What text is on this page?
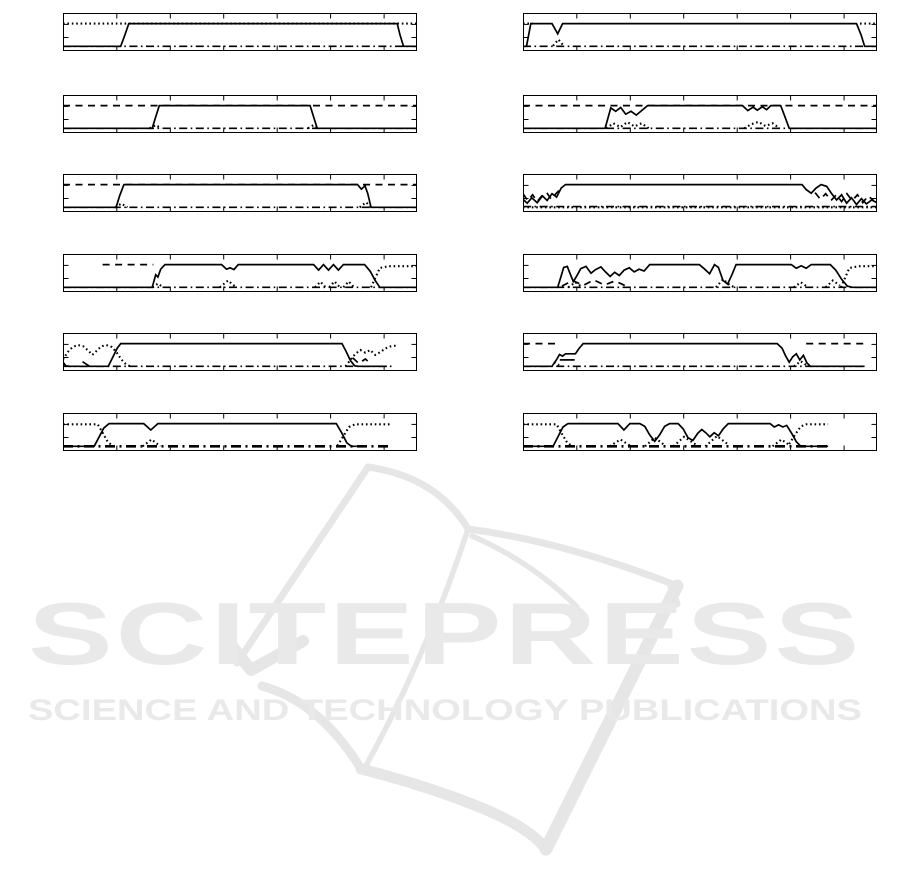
SCITEPRESS
SCIENCE AND TECHNOLOGY PUBLICATIONS
